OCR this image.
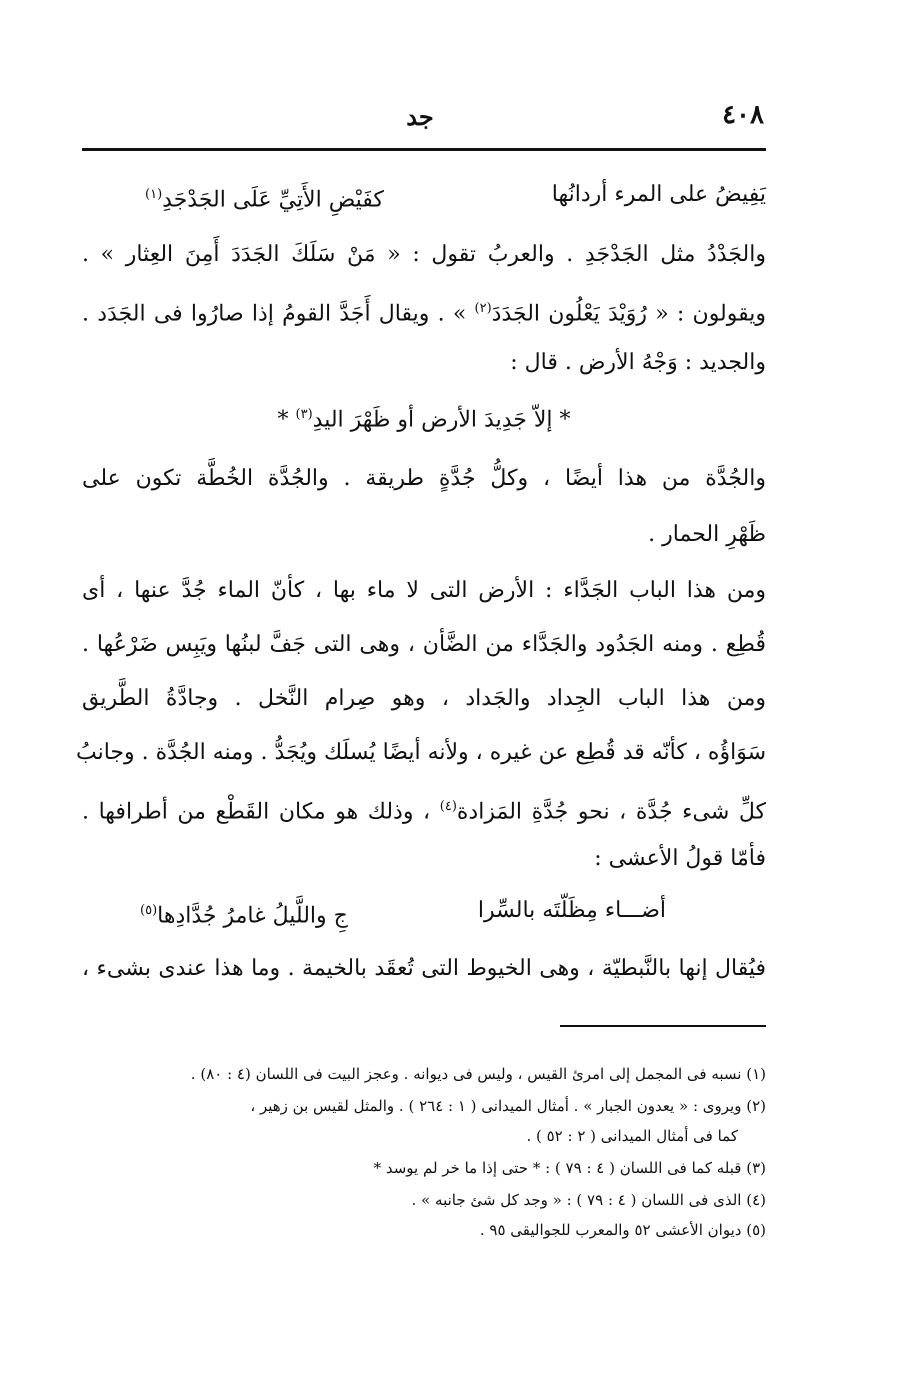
٤٠٨
جد
يَفِيضُ على المرء أردانُها
كفَيْضِ الأَتِيِّ عَلَى الجَدْجَدِ$^{(١)}$
والجَدْدُ مثل الجَدْجَدِ . والعربُ تقول : « مَنْ سَلَكَ الجَدَدَ أَمِنَ العِثار » .
ويقولون : « رُوَيْدَ يَعْلُون الجَدَدَ$^{(٢)}$ » . ويقال أَجَدَّ القومُ إذا صارُوا فى الجَدَد .
والجديد : وَجْهُ الأرض . قال :
* إلاّ جَدِيدَ الأرض أو ظَهْرَ اليدِ$^{(٣)}$ *
والجُدَّة من هذا أيضًا ، وكلُّ جُدَّةٍ طريقة . والجُدَّة الخُطَّة تكون على
ظَهْرِ الحمار .
ومن هذا الباب الجَدَّاء : الأرض التى لا ماء بها ، كأنّ الماء جُدَّ عنها ، أى
قُطِع . ومنه الجَدُود والجَدَّاء من الضَّأن ، وهى التى جَفَّ لبنُها ويَبِس ضَرْعُها .
ومن هذا الباب الجِداد والجَداد ، وهو صِرام النَّخل . وجادَّةُ الطَّريق
سَوَاؤُه ، كأنّه قد قُطِع عن غيره ، ولأنه أيضًا يُسلَك ويُجَدُّ . ومنه الجُدَّة . وجانبُ
كلِّ شىء جُدَّة ، نحو جُدَّةِ المَزادة$^{(٤)}$ ، وذلك هو مكان القَطْع من أطرافها .
فأمّا قولُ الأعشى :
أضـــاء مِظَلّتَه بالسِّرا
جِ واللَّيلُ غامرُ جُدَّادِها$^{(٥)}$
فيُقال إنها بالنَّبطيّة ، وهى الخيوط التى تُعقَد بالخيمة . وما هذا عندى بشىء ،
(١) نسبه فى المجمل إلى امرئ القيس ، وليس فى ديوانه . وعجز البيت فى اللسان (٤ : ٨٠) .
(٢) ويروى : « يعدون الجبار » . أمثال الميدانى ( ١ : ٢٦٤ ) . والمثل لقيس بن زهير ،
كما فى أمثال الميدانى ( ٢ : ٥٢ ) .
(٣) قبله كما فى اللسان ( ٤ : ٧٩ ) : * حتى إذا ما خر لم يوسد *
(٤) الذى فى اللسان ( ٤ : ٧٩ ) : « وجد كل شئ جانبه » .
(٥) ديوان الأعشى ٥٢ والمعرب للجواليقى ٩٥ .
